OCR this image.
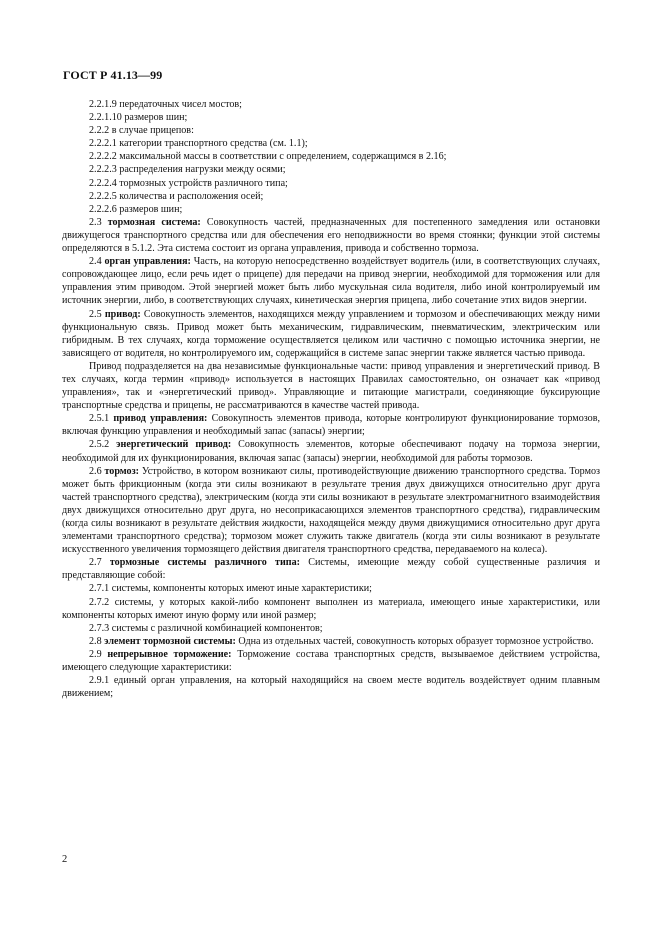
ГОСТ Р 41.13—99

2.2.1.9 передаточных чисел мостов;

2.2.1.10 размеров шин;

2.2.2 в случае прицепов:

2.2.2.1 категории транспортного средства (см. 1.1);

2.2.2.2 максимальной массы в соответствии с определением, содержащимся в 2.16;

2.2.2.3 распределения нагрузки между осями;

2.2.2.4 тормозных устройств различного типа;

2.2.2.5 количества и расположения осей;

2.2.2.6 размеров шин;

2.3 тормозная система: Совокупность частей, предназначенных для постепенного замедления или остановки движущегося транспортного средства или для обеспечения его неподвижности во время стоянки; функции этой системы определяются в 5.1.2. Эта система состоит из органа управления, привода и собственно тормоза.

2.4 орган управления: Часть, на которую непосредственно воздействует водитель (или, в соответствующих случаях, сопровождающее лицо, если речь идет о прицепе) для передачи на привод энергии, необходимой для торможения или для управления этим приводом. Этой энергией может быть либо мускульная сила водителя, либо иной контролируемый им источник энергии, либо, в соответствующих случаях, кинетическая энергия прицепа, либо сочетание этих видов энергии.

2.5 привод: Совокупность элементов, находящихся между управлением и тормозом и обеспечивающих между ними функциональную связь. Привод может быть механическим, гидравлическим, пневматическим, электрическим или гибридным. В тех случаях, когда торможение осуществляется целиком или частично с помощью источника энергии, не зависящего от водителя, но контролируемого им, содержащийся в системе запас энергии также является частью привода.

Привод подразделяется на два независимые функциональные части: привод управления и энергетический привод. В тех случаях, когда термин «привод» используется в настоящих Правилах самостоятельно, он означает как «привод управления», так и «энергетический привод». Управляющие и питающие магистрали, соединяющие буксирующие транспортные средства и прицепы, не рассматриваются в качестве частей привода.

2.5.1 привод управления: Совокупность элементов привода, которые контролируют функционирование тормозов, включая функцию управления и необходимый запас (запасы) энергии;

2.5.2 энергетический привод: Совокупность элементов, которые обеспечивают подачу на тормоза энергии, необходимой для их функционирования, включая запас (запасы) энергии, необходимой для работы тормозов.

2.6 тормоз: Устройство, в котором возникают силы, противодействующие движению транспортного средства. Тормоз может быть фрикционным (когда эти силы возникают в результате трения двух движущихся относительно друг друга частей транспортного средства), электрическим (когда эти силы возникают в результате электромагнитного взаимодействия двух движущихся относительно друг друга, но несоприкасающихся элементов транспортного средства), гидравлическим (когда силы возникают в результате действия жидкости, находящейся между двумя движущимися относительно друг друга элементами транспортного средства); тормозом может служить также двигатель (когда эти силы возникают в результате искусственного увеличения тормозящего действия двигателя транспортного средства, передаваемого на колеса).

2.7 тормозные системы различного типа: Системы, имеющие между собой существенные различия и представляющие собой:

2.7.1 системы, компоненты которых имеют иные характеристики;

2.7.2 системы, у которых какой-либо компонент выполнен из материала, имеющего иные характеристики, или компоненты которых имеют иную форму или иной размер;

2.7.3 системы с различной комбинацией компонентов;

2.8 элемент тормозной системы: Одна из отдельных частей, совокупность которых образует тормозное устройство.

2.9 непрерывное торможение: Торможение состава транспортных средств, вызываемое действием устройства, имеющего следующие характеристики:

2.9.1 единый орган управления, на который находящийся на своем месте водитель воздействует одним плавным движением;

2
